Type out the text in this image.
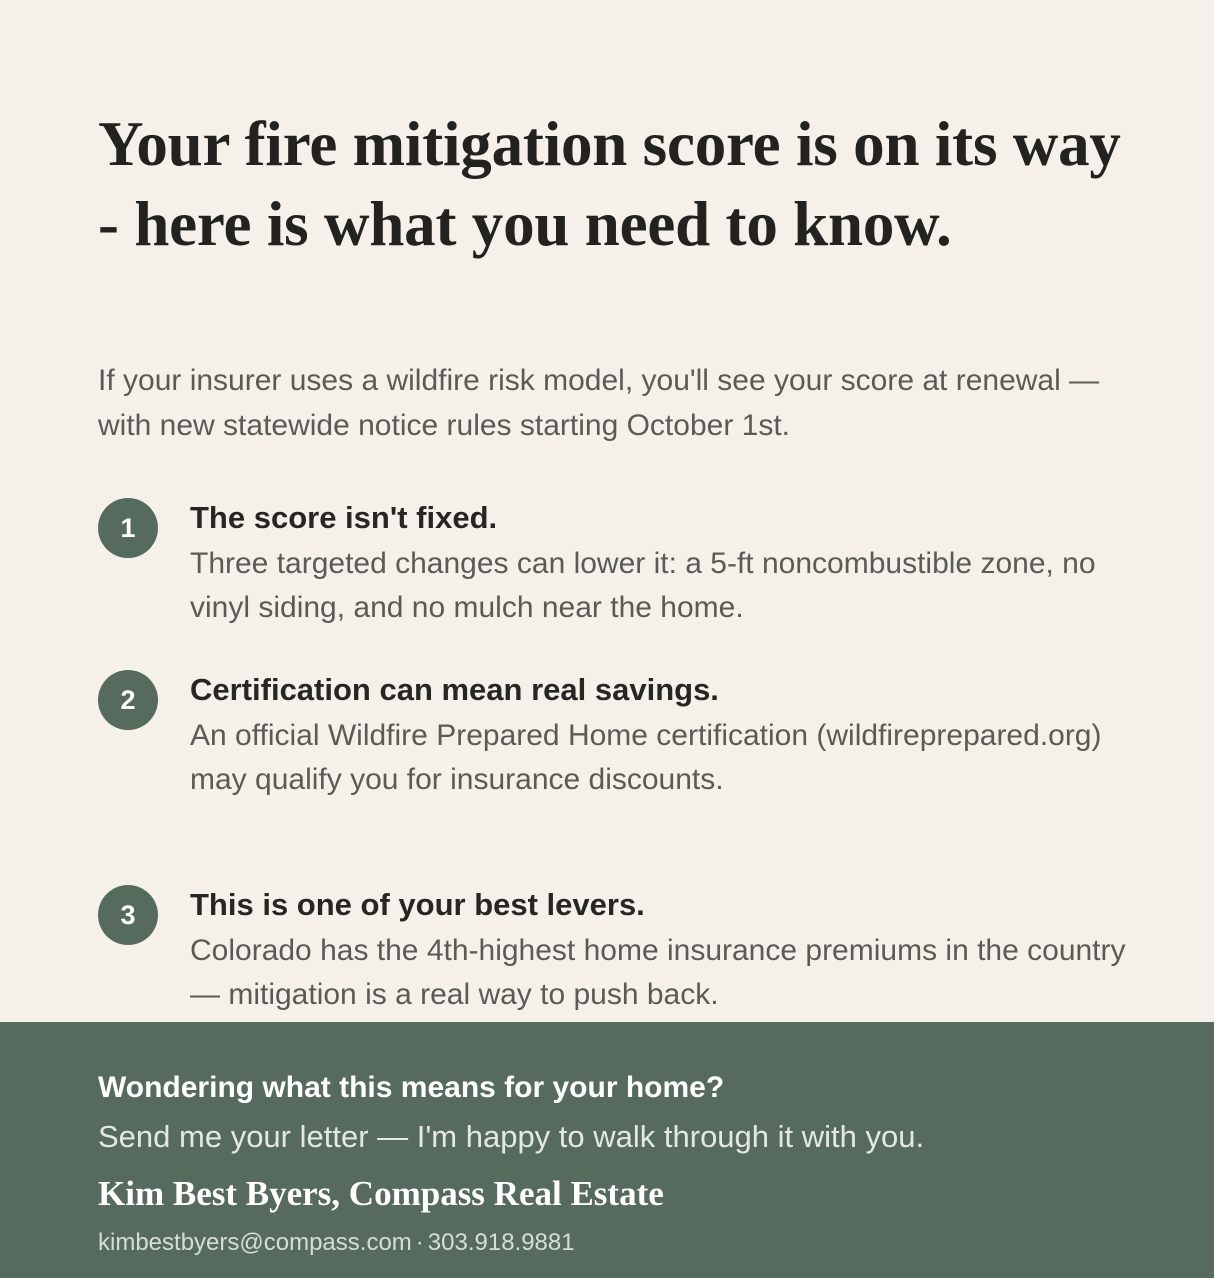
Your fire mitigation score is on its way - here is what you need to know.

If your insurer uses a wildfire risk model, you'll see your score at renewal — with new statewide notice rules starting October 1st.

1	The score isn't fixed.

Three targeted changes can lower it: a 5-ft noncombustible zone, no vinyl siding, and no mulch near the home.

2	Certification can mean real savings.

An official Wildfire Prepared Home certification (wildfireprepared.org) may qualify you for insurance discounts.

3	This is one of your best levers.

Colorado has the 4th-highest home insurance premiums in the country — mitigation is a real way to push back.

Wondering what this means for your home?

Send me your letter — I'm happy to walk through it with you.

Kim Best Byers, Compass Real Estate

kimbestbyers@compass.com · 303.918.9881
